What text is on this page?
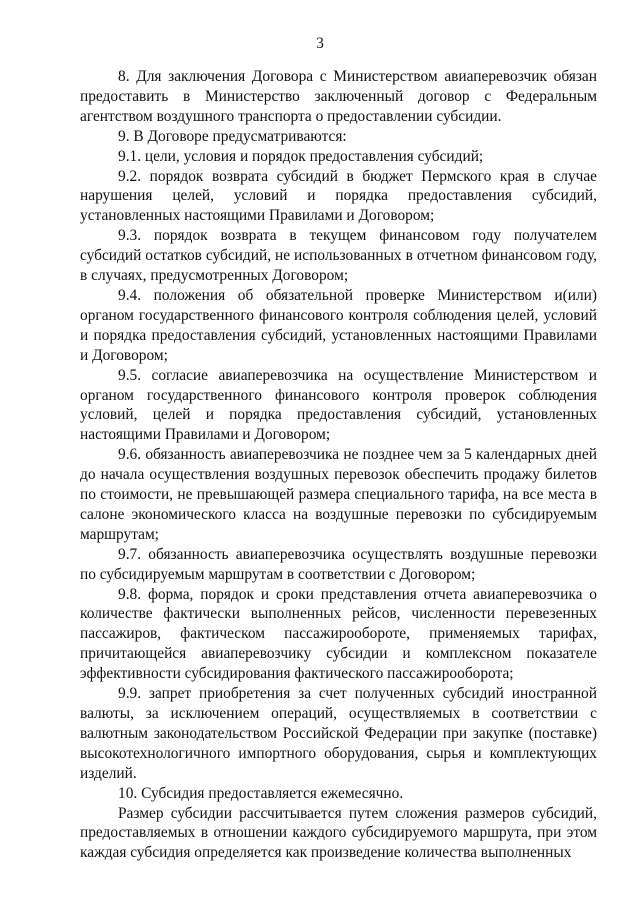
3

8. Для заключения Договора с Министерством авиаперевозчик обязан предоставить в Министерство заключенный договор с Федеральным агентством воздушного транспорта о предоставлении субсидии.

9. В Договоре предусматриваются:

9.1. цели, условия и порядок предоставления субсидий;

9.2. порядок возврата субсидий в бюджет Пермского края в случае нарушения целей, условий и порядка предоставления субсидий, установленных настоящими Правилами и Договором;

9.3. порядок возврата в текущем финансовом году получателем субсидий остатков субсидий, не использованных в отчетном финансовом году, в случаях, предусмотренных Договором;

9.4. положения об обязательной проверке Министерством и(или) органом государственного финансового контроля соблюдения целей, условий и порядка предоставления субсидий, установленных настоящими Правилами и Договором;

9.5. согласие авиаперевозчика на осуществление Министерством и органом государственного финансового контроля проверок соблюдения условий, целей и порядка предоставления субсидий, установленных настоящими Правилами и Договором;

9.6. обязанность авиаперевозчика не позднее чем за 5 календарных дней до начала осуществления воздушных перевозок обеспечить продажу билетов по стоимости, не превышающей размера специального тарифа, на все места в салоне экономического класса на воздушные перевозки по субсидируемым маршрутам;

9.7. обязанность авиаперевозчика осуществлять воздушные перевозки по субсидируемым маршрутам в соответствии с Договором;

9.8. форма, порядок и сроки представления отчета авиаперевозчика о количестве фактически выполненных рейсов, численности перевезенных пассажиров, фактическом пассажирообороте, применяемых тарифах, причитающейся авиаперевозчику субсидии и комплексном показателе эффективности субсидирования фактического пассажирооборота;

9.9. запрет приобретения за счет полученных субсидий иностранной валюты, за исключением операций, осуществляемых в соответствии с валютным законодательством Российской Федерации при закупке (поставке) высокотехнологичного импортного оборудования, сырья и комплектующих изделий.

10. Субсидия предоставляется ежемесячно.

Размер субсидии рассчитывается путем сложения размеров субсидий, предоставляемых в отношении каждого субсидируемого маршрута, при этом каждая субсидия определяется как произведение количества выполненных
